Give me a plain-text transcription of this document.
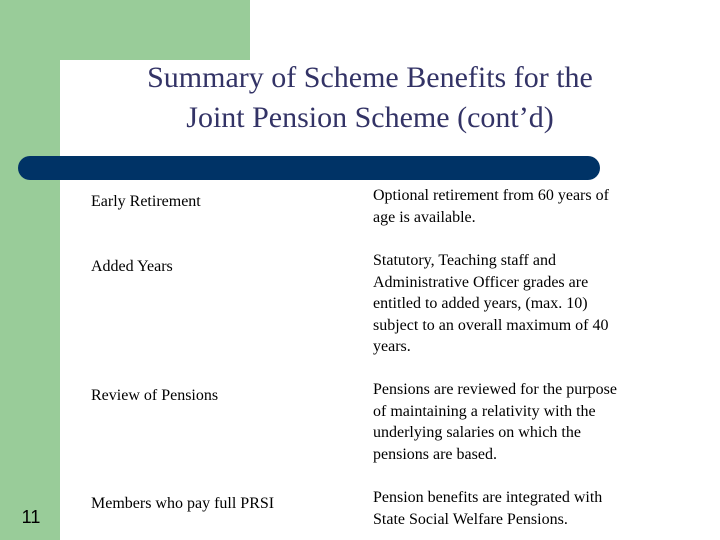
Summary of Scheme Benefits for the
Joint Pension Scheme (cont’d)
Early Retirement	Optional retirement from 60 years of
age is available.
Added Years	Statutory, Teaching staff and
Administrative Officer grades are
entitled to added years, (max. 10)
subject to an overall maximum of 40
years.
Review of Pensions	Pensions are reviewed for the purpose
of maintaining a relativity with the
underlying salaries on which the
pensions are based.
Members who pay full PRSI	Pension benefits are integrated with
State Social Welfare Pensions.
11
